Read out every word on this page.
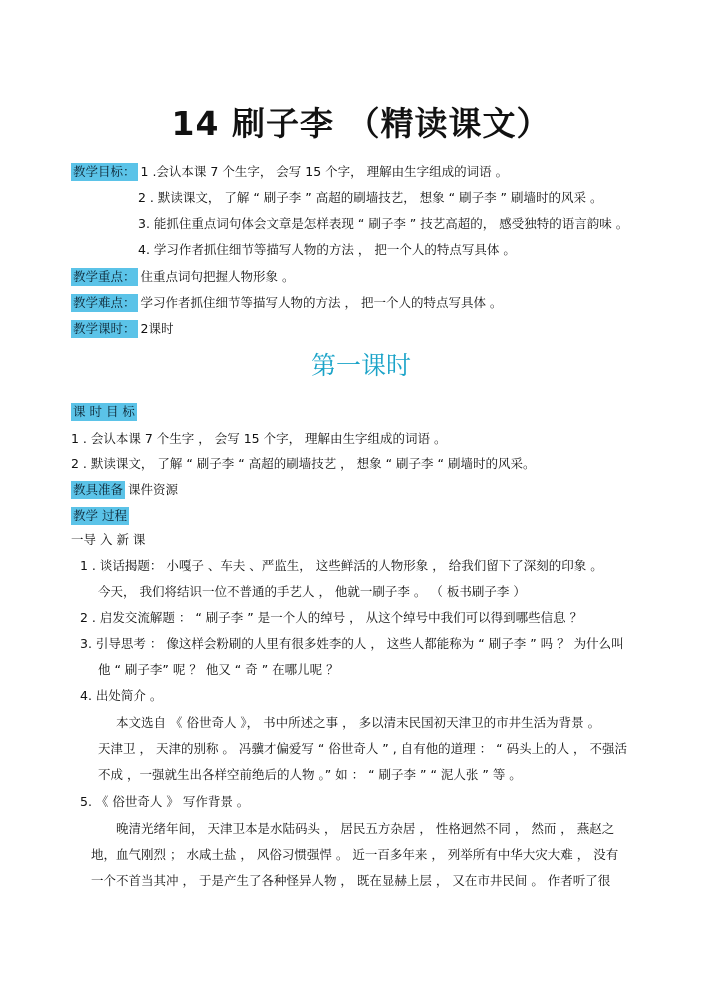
14 刷子李 （精读课文）
教学目标： 1 .会认本课 7 个生字， 会写 15 个字， 理解由生字组成的词语 。
2 . 默读课文， 了解 “ 刷子李 ” 高超的刷墙技艺， 想象 “ 刷子李 ” 刷墙时的风采 。
3. 能抓住重点词句体会文章是怎样表现 “ 刷子李 ” 技艺高超的， 感受独特的语言韵味 。
4. 学习作者抓住细节等描写人物的方法 ， 把一个人的特点写具体 。
教学重点： 住重点词句把握人物形象 。
教学难点： 学习作者抓住细节等描写人物的方法 ， 把一个人的特点写具体 。
教学课时： 2课时
第一课时
课 时 目 标
1 . 会认本课 7 个生字 ， 会写 15 个字， 理解由生字组成的词语 。
2 . 默读课文， 了解 “ 刷子李 “ 高超的刷墙技艺 ， 想象 “ 刷子李 “ 刷墙时的风采。
教具准备 课件资源
教学 过程
一导 入 新 课
1 . 谈话揭题： 小嘎子 、车夫 、严监生， 这些鲜活的人物形象 ， 给我们留下了深刻的印象 。
今天， 我们将结识一位不普通的手艺人 ， 他就一刷子李 。 （ 板书刷子李 ）
2 . 启发交流解题 ： “ 刷子李 ” 是一个人的绰号 ， 从这个绰号中我们可以得到哪些信息 ？
3. 引导思考 ： 像这样会粉刷的人里有很多姓李的人 ， 这些人都能称为 “ 刷子李 ” 吗 ？ 为什么叫
他 “ 刷子李” 呢 ？ 他又 “ 奇 ” 在哪儿呢 ？
4. 出处简介 。
本文选自 《 俗世奇人 》， 书中所述之事 ， 多以清末民国初天津卫的市井生活为背景 。
天津卫 ， 天津的别称 。 冯骥才偏爱写 “ 俗世奇人 ” , 自有他的道理 ： “ 码头上的人 ， 不强活
不成 ，一强就生出各样空前绝后的人物 。” 如 ： “ 刷子李 ” “ 泥人张 ” 等 。
5. 《 俗世奇人 》 写作背景 。
晚清光绪年间， 天津卫本是水陆码头 ， 居民五方杂居 ， 性格迥然不同 ， 然而 ， 燕赵之
地，血气刚烈 ； 水咸土盐 ， 风俗习惯强悍 。 近一百多年来 ， 列举所有中华大灾大难 ， 没有
一个不首当其冲 ， 于是产生了各种怪异人物 ， 既在显赫上层 ， 又在市井民间 。 作者听了很
